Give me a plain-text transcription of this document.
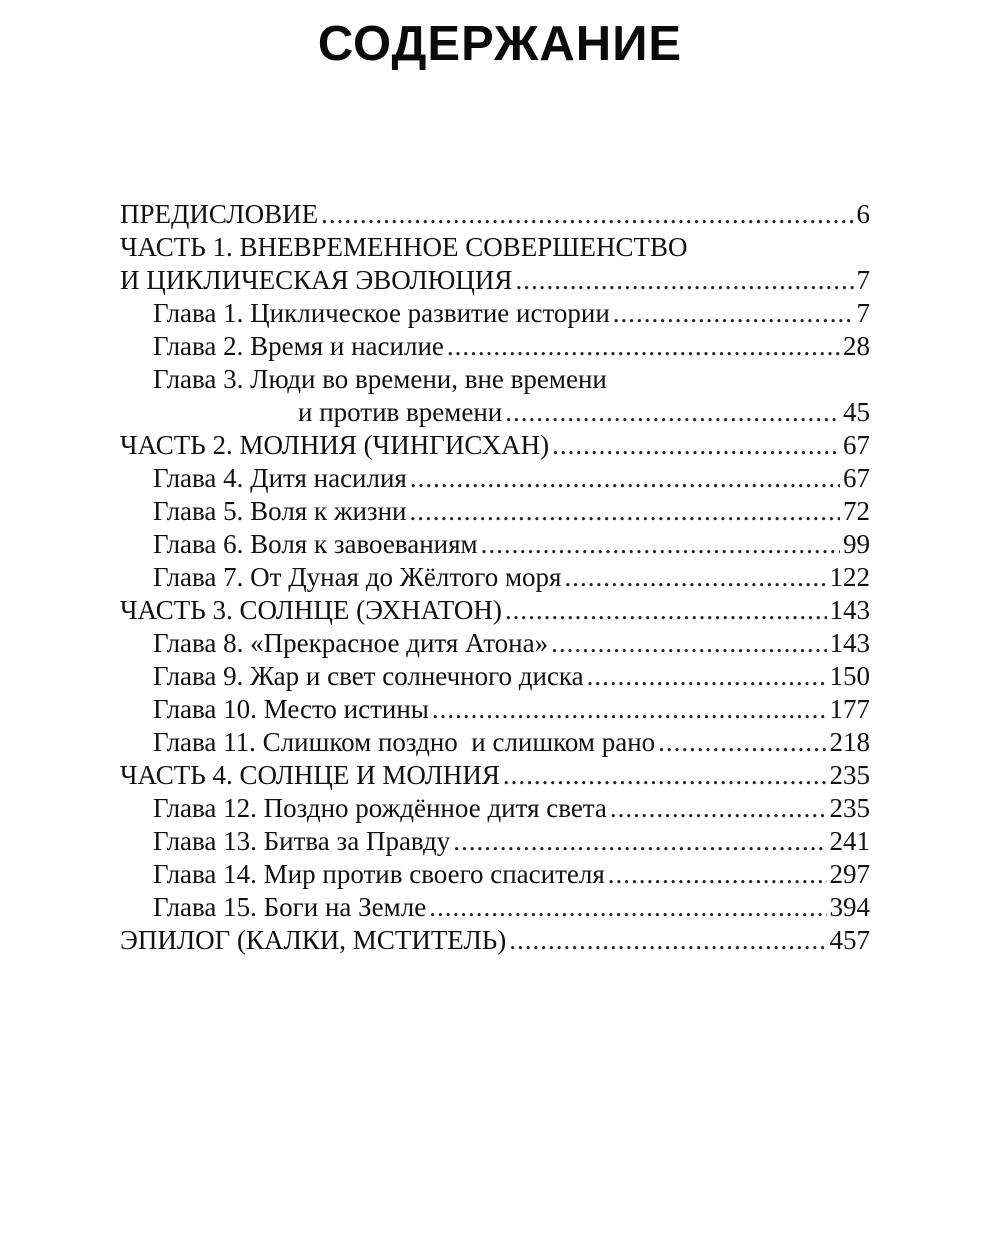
СОДЕРЖАНИЕ
ПРЕДИСЛОВИЕ .....	6
ЧАСТЬ 1. ВНЕВРЕМЕННОЕ СОВЕРШЕНСТВО
И ЦИКЛИЧЕСКАЯ ЭВОЛЮЦИЯ .....	7
Глава 1. Циклическое развитие истории .....	7
Глава 2. Время и насилие .....	28
Глава 3. Люди во времени, вне времени
и против времени .....	45
ЧАСТЬ 2. МОЛНИЯ (ЧИНГИСХАН) .....	67
Глава 4. Дитя насилия .....	67
Глава 5. Воля к жизни .....	72
Глава 6. Воля к завоеваниям .....	99
Глава 7. От Дуная до Жёлтого моря .....	122
ЧАСТЬ 3. СОЛНЦЕ (ЭХНАТОН) .....	143
Глава 8. «Прекрасное дитя Атона» .....	143
Глава 9. Жар и свет солнечного диска .....	150
Глава 10. Место истины .....	177
Глава 11. Слишком поздно  и слишком рано .....	218
ЧАСТЬ 4. СОЛНЦЕ И МОЛНИЯ .....	235
Глава 12. Поздно рождённое дитя света .....	235
Глава 13. Битва за Правду .....	241
Глава 14. Мир против своего спасителя .....	297
Глава 15. Боги на Земле .....	394
ЭПИЛОГ (КАЛКИ, МСТИТЕЛЬ) .....	457
